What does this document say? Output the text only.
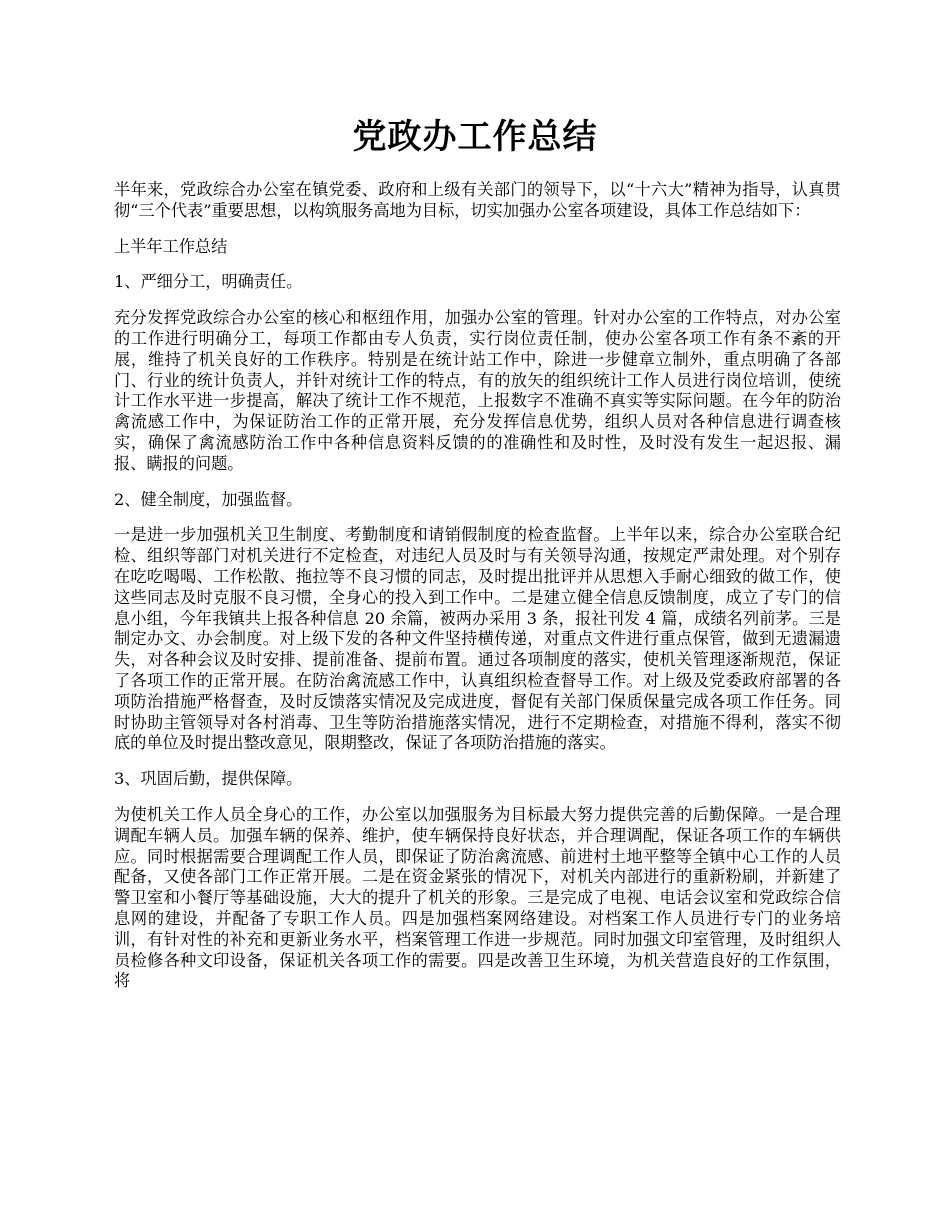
党政办工作总结

半年来，党政综合办公室在镇党委、政府和上级有关部门的领导下，以“十六大”精神为指导，认真贯彻“三个代表”重要思想，以构筑服务高地为目标，切实加强办公室各项建设，具体工作总结如下：

上半年工作总结

1、严细分工，明确责任。

充分发挥党政综合办公室的核心和枢纽作用，加强办公室的管理。针对办公室的工作特点，对办公室的工作进行明确分工，每项工作都由专人负责，实行岗位责任制，使办公室各项工作有条不紊的开展，维持了机关良好的工作秩序。特别是在统计站工作中，除进一步健章立制外，重点明确了各部门、行业的统计负责人，并针对统计工作的特点，有的放矢的组织统计工作人员进行岗位培训，使统计工作水平进一步提高，解决了统计工作不规范，上报数字不准确不真实等实际问题。在今年的防治禽流感工作中，为保证防治工作的正常开展，充分发挥信息优势，组织人员对各种信息进行调查核实，确保了禽流感防治工作中各种信息资料反馈的的准确性和及时性，及时没有发生一起迟报、漏报、瞒报的问题。

2、健全制度，加强监督。

一是进一步加强机关卫生制度、考勤制度和请销假制度的检查监督。上半年以来，综合办公室联合纪检、组织等部门对机关进行不定检查，对违纪人员及时与有关领导沟通，按规定严肃处理。对个别存在吃吃喝喝、工作松散、拖拉等不良习惯的同志，及时提出批评并从思想入手耐心细致的做工作，使这些同志及时克服不良习惯，全身心的投入到工作中。二是建立健全信息反馈制度，成立了专门的信息小组，今年我镇共上报各种信息 20 余篇，被两办采用 3 条，报社刊发 4 篇，成绩名列前茅。三是制定办文、办会制度。对上级下发的各种文件坚持横传递，对重点文件进行重点保管，做到无遗漏遗失，对各种会议及时安排、提前准备、提前布置。通过各项制度的落实，使机关管理逐渐规范，保证了各项工作的正常开展。在防治禽流感工作中，认真组织检查督导工作。对上级及党委政府部署的各项防治措施严格督查，及时反馈落实情况及完成进度，督促有关部门保质保量完成各项工作任务。同时协助主管领导对各村消毒、卫生等防治措施落实情况，进行不定期检查，对措施不得利，落实不彻底的单位及时提出整改意见，限期整改，保证了各项防治措施的落实。

3、巩固后勤，提供保障。

为使机关工作人员全身心的工作，办公室以加强服务为目标最大努力提供完善的后勤保障。一是合理调配车辆人员。加强车辆的保养、维护，使车辆保持良好状态，并合理调配，保证各项工作的车辆供应。同时根据需要合理调配工作人员，即保证了防治禽流感、前进村土地平整等全镇中心工作的人员配备，又使各部门工作正常开展。二是在资金紧张的情况下，对机关内部进行的重新粉刷，并新建了警卫室和小餐厅等基础设施，大大的提升了机关的形象。三是完成了电视、电话会议室和党政综合信息网的建设，并配备了专职工作人员。四是加强档案网络建设。对档案工作人员进行专门的业务培训，有针对性的补充和更新业务水平，档案管理工作进一步规范。同时加强文印室管理，及时组织人员检修各种文印设备，保证机关各项工作的需要。四是改善卫生环境，为机关营造良好的工作氛围，将
